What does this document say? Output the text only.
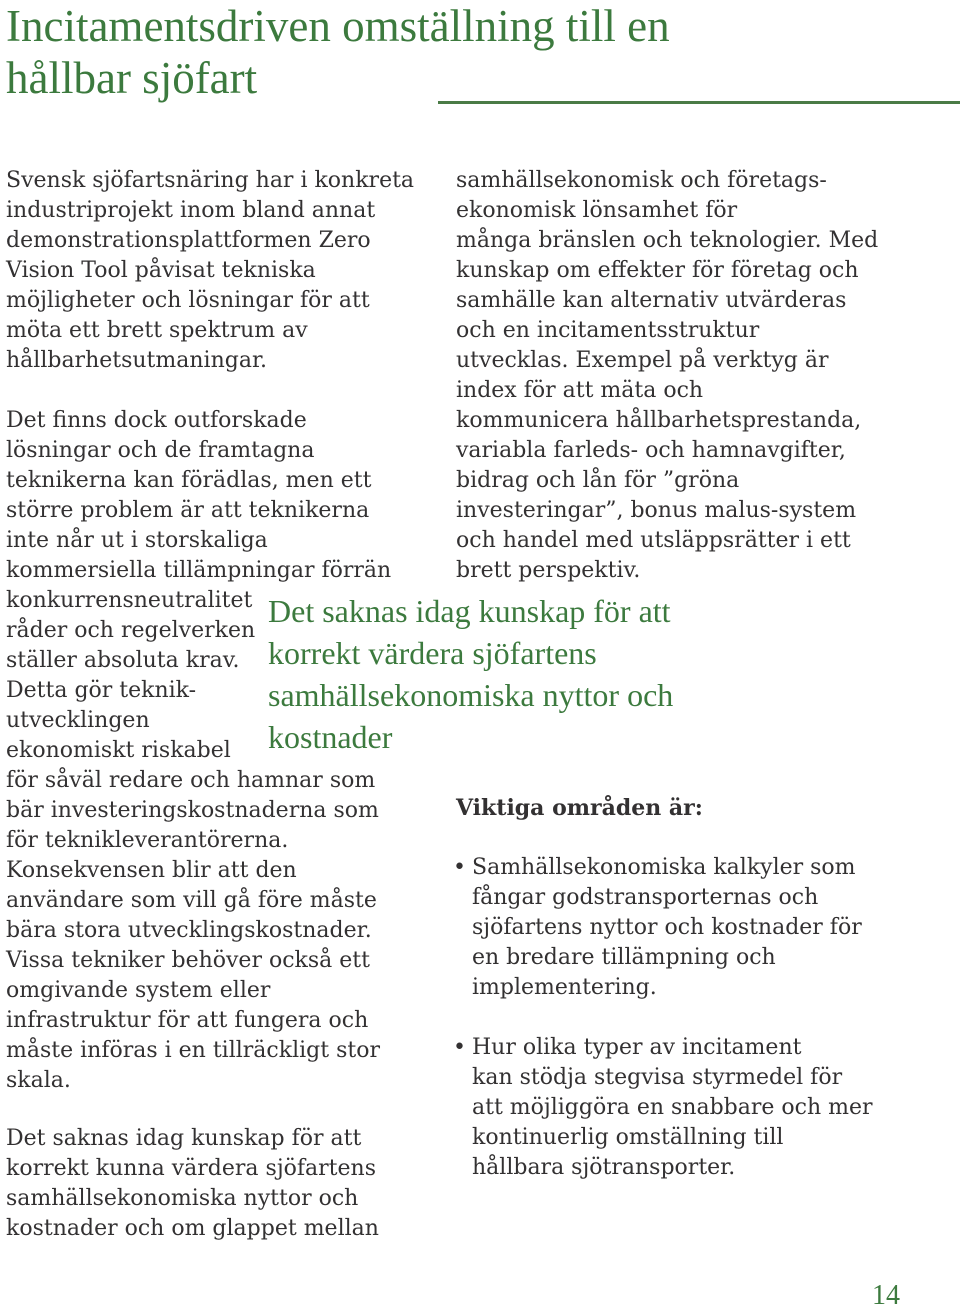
Incitamentsdriven omställning till en
hållbar sjöfart

Svensk sjöfartsnäring har i konkreta
industriprojekt inom bland annat
demonstrationsplattformen Zero
Vision Tool påvisat tekniska
möjligheter och lösningar för att
möta ett brett spektrum av
hållbarhetsutmaningar.

Det finns dock outforskade
lösningar och de framtagna
teknikerna kan förädlas, men ett
större problem är att teknikerna
inte når ut i storskaliga
kommersiella tillämpningar förrän
konkurrensneutralitet
råder och regelverken
ställer absoluta krav.
Detta gör teknik-
utvecklingen
ekonomiskt riskabel
för såväl redare och hamnar som
bär investeringskostnaderna som
för teknikleverantörerna.
Konsekvensen blir att den
användare som vill gå före måste
bära stora utvecklingskostnader.
Vissa tekniker behöver också ett
omgivande system eller
infrastruktur för att fungera och
måste införas i en tillräckligt stor
skala.

Det saknas idag kunskap för att
korrekt kunna värdera sjöfartens
samhällsekonomiska nyttor och
kostnader och om glappet mellan

samhällsekonomisk och företags-
ekonomisk lönsamhet för
många bränslen och teknologier. Med
kunskap om effekter för företag och
samhälle kan alternativ utvärderas
och en incitamentsstruktur
utvecklas. Exempel på verktyg är
index för att mäta och
kommunicera hållbarhetsprestanda,
variabla farleds- och hamnavgifter,
bidrag och lån för ”gröna
investeringar”, bonus malus-system
och handel med utsläppsrätter i ett
brett perspektiv.

Det saknas idag kunskap för att
korrekt värdera sjöfartens
samhällsekonomiska nyttor och
kostnader

Viktiga områden är:
• Samhällsekonomiska kalkyler som
fångar godstransporternas och
sjöfartens nyttor och kostnader för
en bredare tillämpning och
implementering.
• Hur olika typer av incitament
kan stödja stegvisa styrmedel för
att möjliggöra en snabbare och mer
kontinuerlig omställning till
hållbara sjötransporter.

14
